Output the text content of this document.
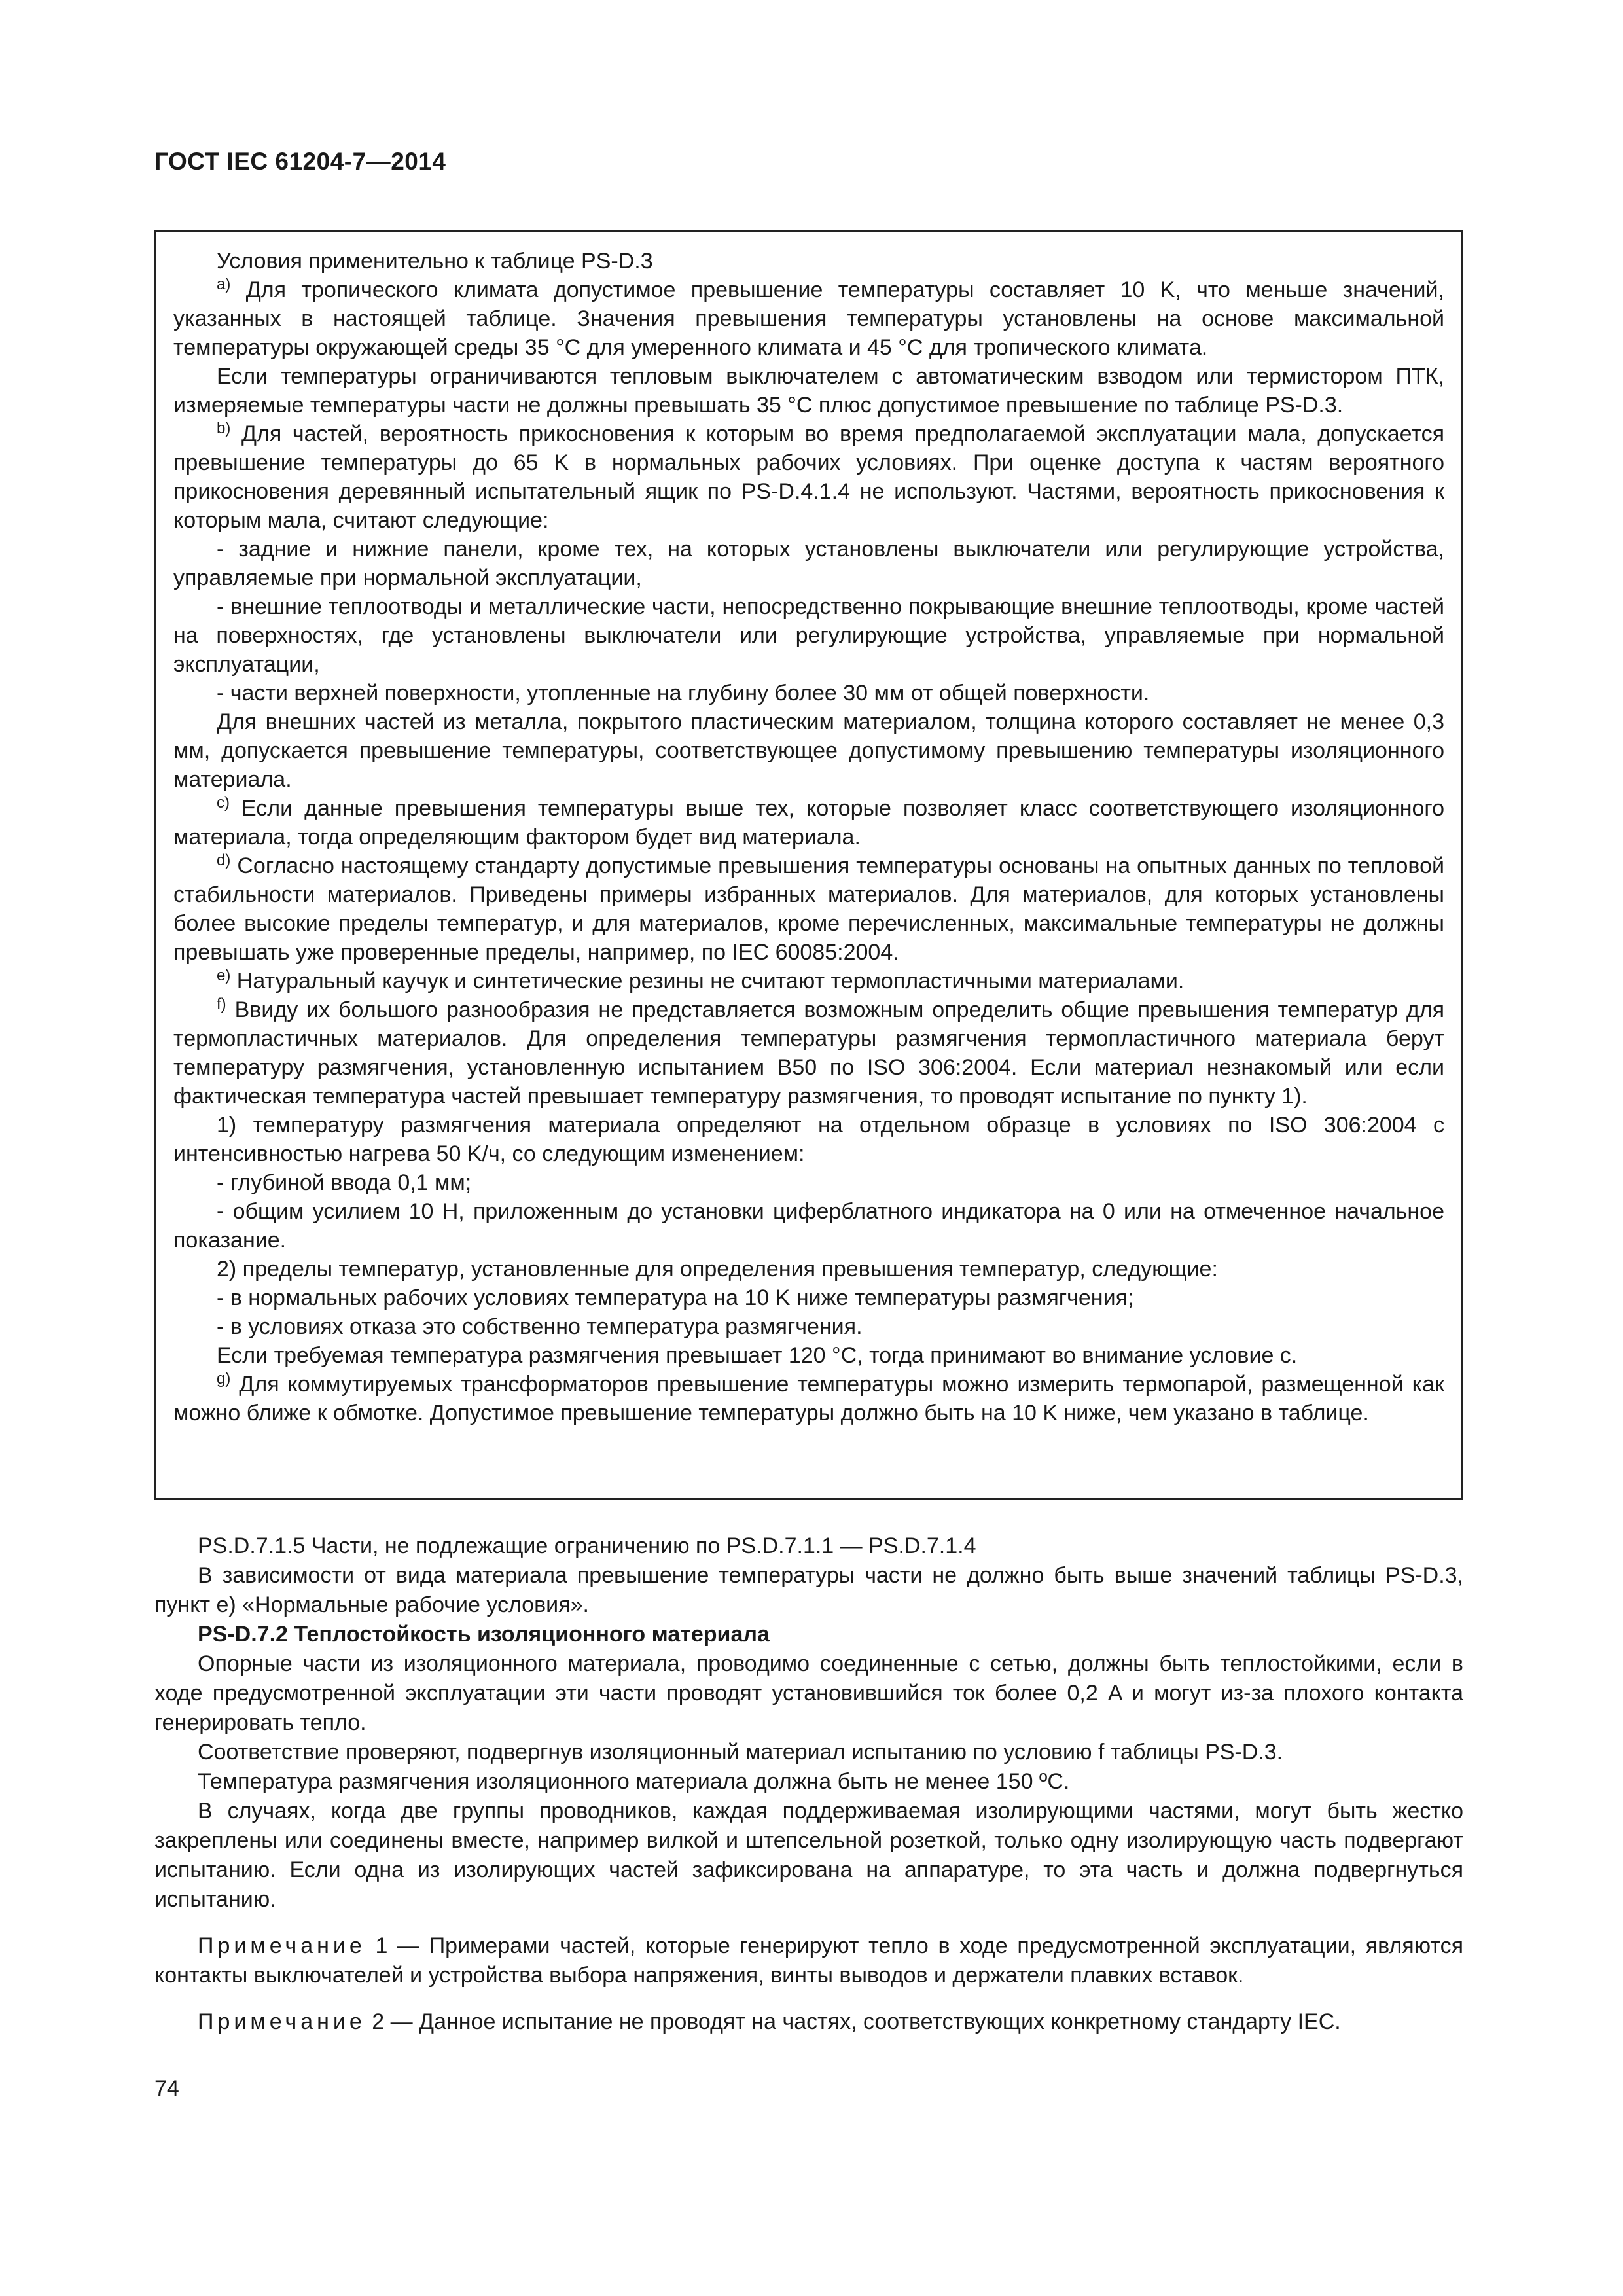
ГОСТ IEC 61204-7—2014

Условия применительно к таблице PS-D.3

$^{a)}$ Для тропического климата допустимое превышение температуры составляет 10 K, что меньше значений, указанных в настоящей таблице. Значения превышения температуры установлены на основе максимальной температуры окружающей среды 35 °С для умеренного климата и 45 °С для тропического климата.

Если температуры ограничиваются тепловым выключателем с автоматическим взводом или термистором ПТК, измеряемые температуры части не должны превышать 35 °С плюс допустимое превышение по таблице PS-D.3.

$^{b)}$ Для частей, вероятность прикосновения к которым во время предполагаемой эксплуатации мала, допускается превышение температуры до 65 K в нормальных рабочих условиях. При оценке доступа к частям вероятного прикосновения деревянный испытательный ящик по PS-D.4.1.4 не используют. Частями, вероятность прикосновения к которым мала, считают следующие:

- задние и нижние панели, кроме тех, на которых установлены выключатели или регулирующие устройства, управляемые при нормальной эксплуатации,

- внешние теплоотводы и металлические части, непосредственно покрывающие внешние теплоотводы, кроме частей на поверхностях, где установлены выключатели или регулирующие устройства, управляемые при нормальной эксплуатации,

- части верхней поверхности, утопленные на глубину более 30 мм от общей поверхности.

Для внешних частей из металла, покрытого пластическим материалом, толщина которого составляет не менее 0,3 мм, допускается превышение температуры, соответствующее допустимому превышению температуры изоляционного материала.

$^{c)}$ Если данные превышения температуры выше тех, которые позволяет класс соответствующего изоляционного материала, тогда определяющим фактором будет вид материала.

$^{d)}$ Согласно настоящему стандарту допустимые превышения температуры основаны на опытных данных по тепловой стабильности материалов. Приведены примеры избранных материалов. Для материалов, для которых установлены более высокие пределы температур, и для материалов, кроме перечисленных, максимальные температуры не должны превышать уже проверенные пределы, например, по IEC 60085:2004.

$^{e)}$ Натуральный каучук и синтетические резины не считают термопластичными материалами.

$^{f)}$ Ввиду их большого разнообразия не представляется возможным определить общие превышения температур для термопластичных материалов. Для определения температуры размягчения термопластичного материала берут температуру размягчения, установленную испытанием B50 по ISO 306:2004. Если материал незнакомый или если фактическая температура частей превышает температуру размягчения, то проводят испытание по пункту 1).

1) температуру размягчения материала определяют на отдельном образце в условиях по ISO 306:2004 с интенсивностью нагрева 50 K/ч, со следующим изменением:

- глубиной ввода 0,1 мм;

- общим усилием 10 Н, приложенным до установки циферблатного индикатора на 0 или на отмеченное начальное показание.

2) пределы температур, установленные для определения превышения температур, следующие:

- в нормальных рабочих условиях температура на 10 K ниже температуры размягчения;

- в условиях отказа это собственно температура размягчения.

Если требуемая температура размягчения превышает 120 °С, тогда принимают во внимание условие с.

$^{g)}$ Для коммутируемых трансформаторов превышение температуры можно измерить термопарой, размещенной как можно ближе к обмотке. Допустимое превышение температуры должно быть на 10 K ниже, чем указано в таблице.

PS.D.7.1.5 Части, не подлежащие ограничению по PS.D.7.1.1 — PS.D.7.1.4

В зависимости от вида материала превышение температуры части не должно быть выше значений таблицы PS-D.3, пункт е) «Нормальные рабочие условия».

PS-D.7.2 Теплостойкость изоляционного материала

Опорные части из изоляционного материала, проводимо соединенные с сетью, должны быть теплостойкими, если в ходе предусмотренной эксплуатации эти части проводят установившийся ток более 0,2 A и могут из-за плохого контакта генерировать тепло.

Соответствие проверяют, подвергнув изоляционный материал испытанию по условию f таблицы PS-D.3.

Температура размягчения изоляционного материала должна быть не менее 150 ºС.

В случаях, когда две группы проводников, каждая поддерживаемая изолирующими частями, могут быть жестко закреплены или соединены вместе, например вилкой и штепсельной розеткой, только одну изолирующую часть подвергают испытанию. Если одна из изолирующих частей зафиксирована на аппаратуре, то эта часть и должна подвергнуться испытанию.

Примечание 1 — Примерами частей, которые генерируют тепло в ходе предусмотренной эксплуатации, являются контакты выключателей и устройства выбора напряжения, винты выводов и держатели плавких вставок.

Примечание 2 — Данное испытание не проводят на частях, соответствующих конкретному стандарту IEC.

74
